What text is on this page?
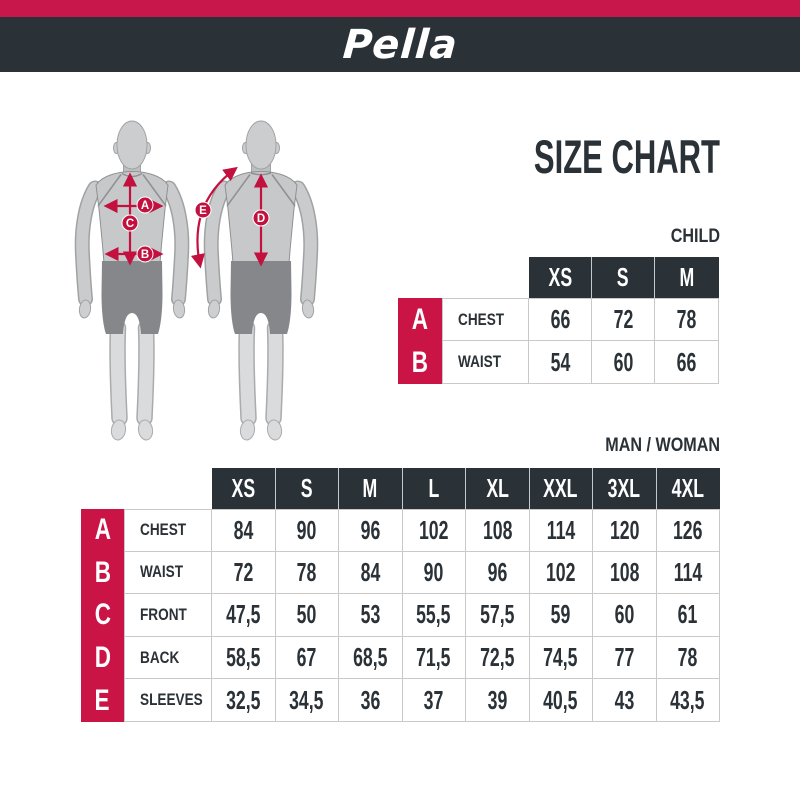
Pella
SIZE CHART
A
C
B
D
E
CHILD
XS S M
A
B
CHEST 66 72 78
WAIST 54 60 66
MAN / WOMAN
XS S M L XL XXL 3XL 4XL
A
B
C
D
E
CHEST 84 90 96 102 108 114 120 126
WAIST 72 78 84 90 96 102 108 114
FRONT 47,5 50 53 55,5 57,5 59 60 61
BACK 58,5 67 68,5 71,5 72,5 74,5 77 78
SLEEVES 32,5 34,5 36 37 39 40,5 43 43,5
